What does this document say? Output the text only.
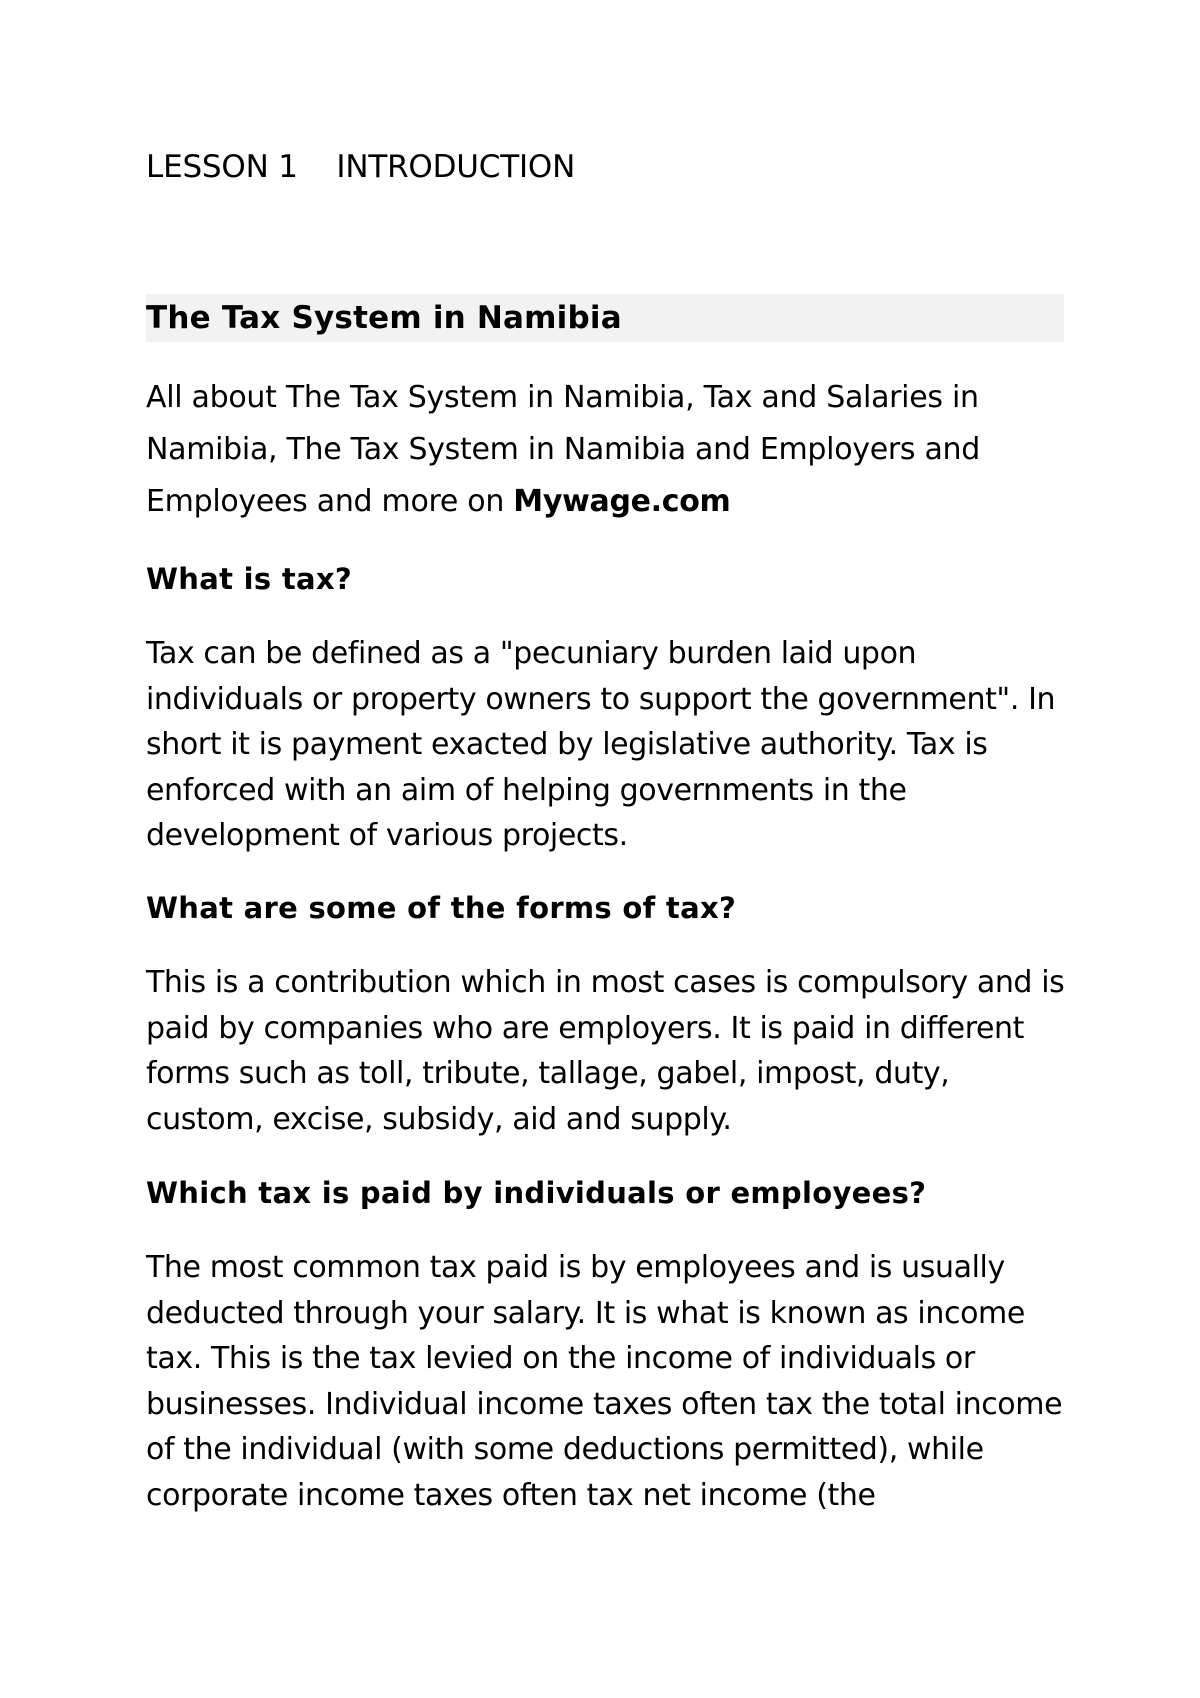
LESSON 1    INTRODUCTION
The Tax System in Namibia
All about The Tax System in Namibia, Tax and Salaries in Namibia, The Tax System in Namibia and Employers and Employees and more on Mywage.com
What is tax?
Tax can be defined as a "pecuniary burden laid upon individuals or property owners to support the government". In short it is payment exacted by legislative authority. Tax is enforced with an aim of helping governments in the development of various projects.
What are some of the forms of tax?
This is a contribution which in most cases is compulsory and is paid by companies who are employers. It is paid in different forms such as toll, tribute, tallage, gabel, impost, duty, custom, excise, subsidy, aid and supply.
Which tax is paid by individuals or employees?
The most common tax paid is by employees and is usually deducted through your salary. It is what is known as income tax. This is the tax levied on the income of individuals or businesses. Individual income taxes often tax the total income of the individual (with some deductions permitted), while corporate income taxes often tax net income (the
